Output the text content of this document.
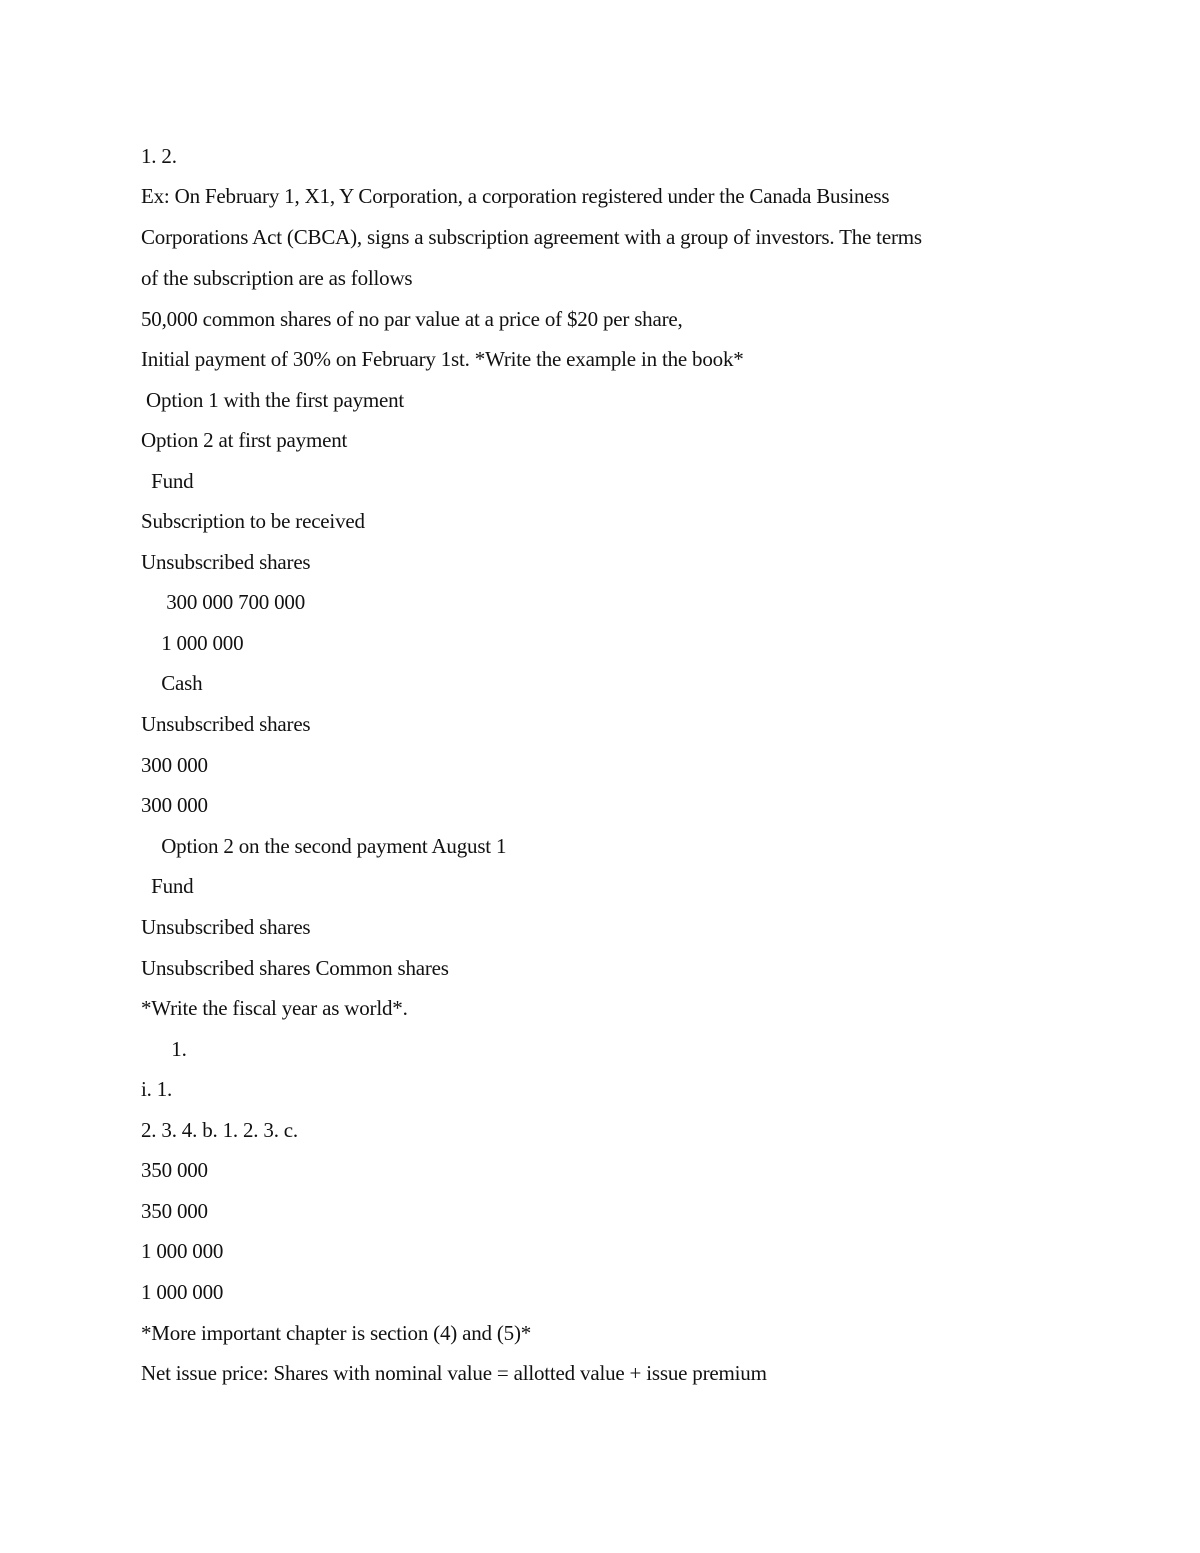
1. 2.
Ex: On February 1, X1, Y Corporation, a corporation registered under the Canada Business
Corporations Act (CBCA), signs a subscription agreement with a group of investors. The terms
of the subscription are as follows
50,000 common shares of no par value at a price of $20 per share,
Initial payment of 30% on February 1st. *Write the example in the book*
Option 1 with the first payment
Option 2 at first payment
Fund
Subscription to be received
Unsubscribed shares
300 000 700 000
1 000 000
Cash
Unsubscribed shares
300 000
300 000
Option 2 on the second payment August 1
Fund
Unsubscribed shares
Unsubscribed shares Common shares
*Write the fiscal year as world*.
1.
i. 1.
2. 3. 4. b. 1. 2. 3. c.
350 000
350 000
1 000 000
1 000 000
*More important chapter is section (4) and (5)*
Net issue price: Shares with nominal value = allotted value + issue premium
